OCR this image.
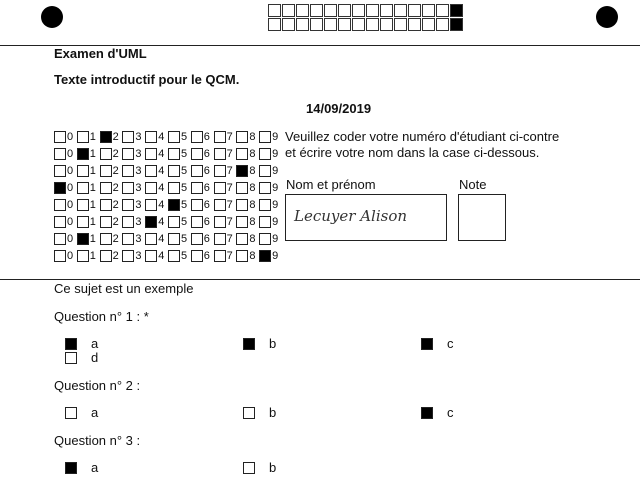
Examen d'UML
Texte introductif pour le QCM.
14/09/2019
0 1 2 3 4 5 6 7 8 9
0 1 2 3 4 5 6 7 8 9
0 1 2 3 4 5 6 7 8 9
0 1 2 3 4 5 6 7 8 9
0 1 2 3 4 5 6 7 8 9
0 1 2 3 4 5 6 7 8 9
0 1 2 3 4 5 6 7 8 9
0 1 2 3 4 5 6 7 8 9
Veuillez coder votre numéro d'étudiant ci-contre
et écrire votre nom dans la case ci-dessous.
Nom et prénom
Lecuyer Alison
Note
Ce sujet est un exemple
Question n° 1 : *
a	b	c
d
Question n° 2 :
a	b	c
Question n° 3 :
a	b
